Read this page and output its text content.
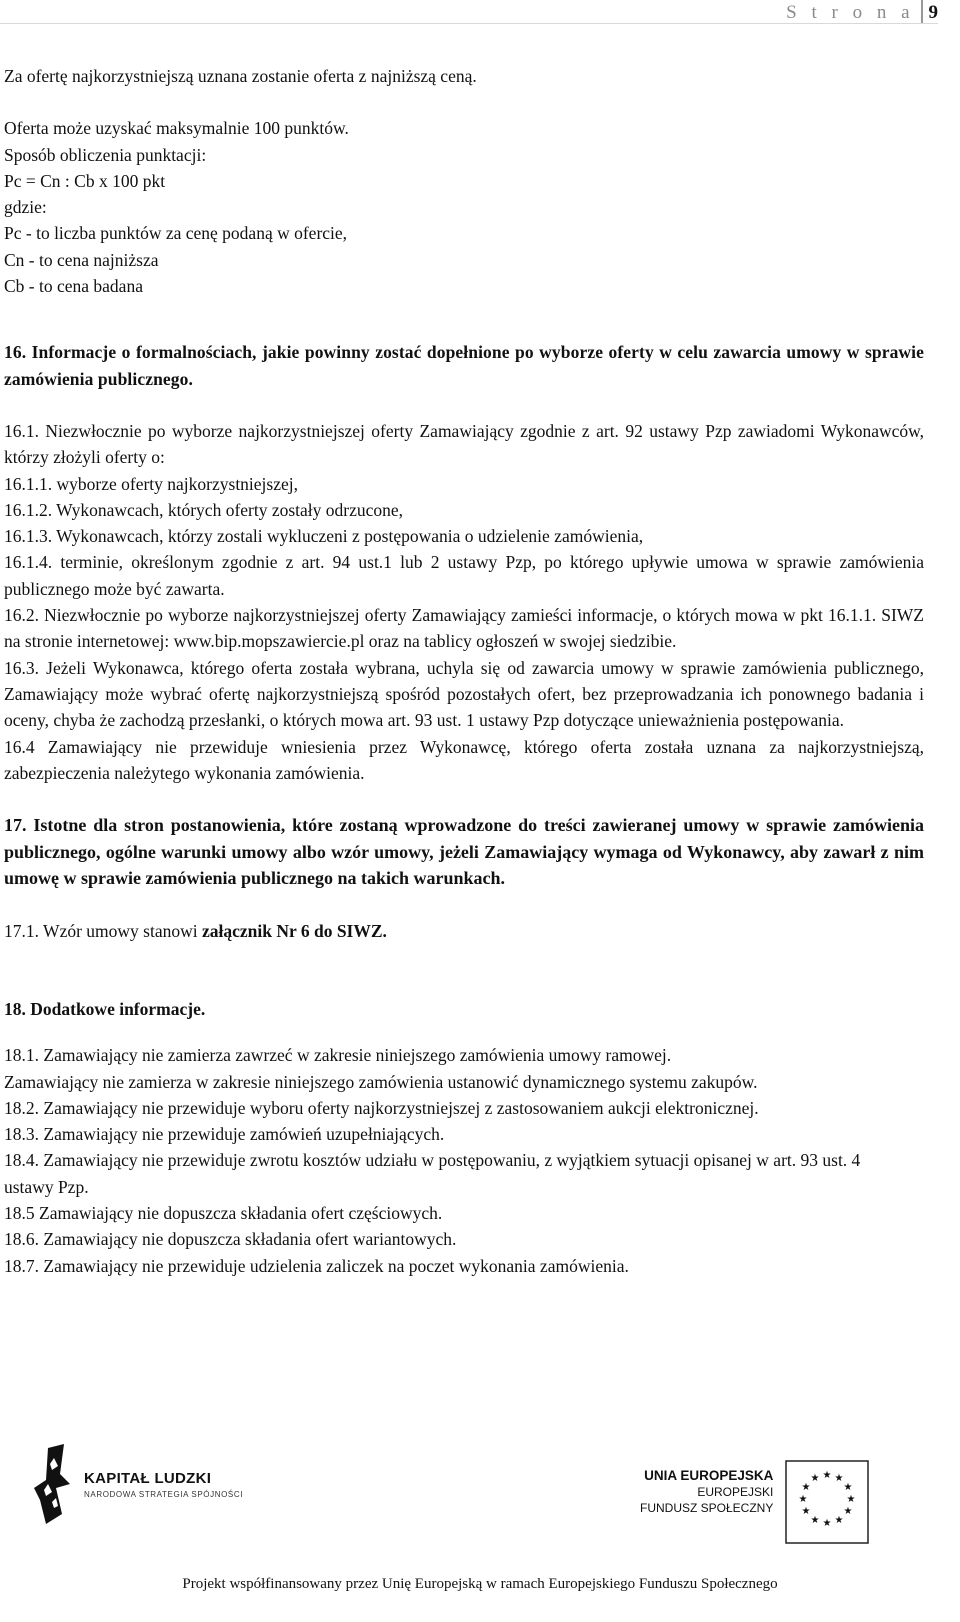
S t r o n a 9

Za ofertę najkorzystniejszą uznana zostanie oferta z najniższą ceną.

Oferta może uzyskać maksymalnie 100 punktów.

Sposób obliczenia punktacji:

Pc = Cn : Cb x 100 pkt

gdzie:

Pc - to liczba punktów za cenę podaną w ofercie,

Cn - to cena najniższa

Cb - to cena badana

16. Informacje o formalnościach, jakie powinny zostać dopełnione po wyborze oferty w celu zawarcia umowy w sprawie zamówienia publicznego.

16.1. Niezwłocznie po wyborze najkorzystniejszej oferty Zamawiający zgodnie z art. 92 ustawy Pzp zawiadomi Wykonawców, którzy złożyli oferty o:

16.1.1. wyborze oferty najkorzystniejszej,

16.1.2. Wykonawcach, których oferty zostały odrzucone,

16.1.3. Wykonawcach, którzy zostali wykluczeni z postępowania o udzielenie zamówienia,

16.1.4. terminie, określonym zgodnie z art. 94 ust.1 lub 2 ustawy Pzp, po którego upływie umowa w sprawie zamówienia publicznego może być zawarta.

16.2. Niezwłocznie po wyborze najkorzystniejszej oferty Zamawiający zamieści informacje, o których mowa w pkt 16.1.1. SIWZ na stronie internetowej: www.bip.mopszawiercie.pl oraz na tablicy ogłoszeń w swojej siedzibie.

16.3. Jeżeli Wykonawca, którego oferta została wybrana, uchyla się od zawarcia umowy w sprawie zamówienia publicznego, Zamawiający może wybrać ofertę najkorzystniejszą spośród pozostałych ofert, bez przeprowadzania ich ponownego badania i oceny, chyba że zachodzą przesłanki, o których mowa art. 93 ust. 1 ustawy Pzp dotyczące unieważnienia postępowania.

16.4 Zamawiający nie przewiduje wniesienia przez Wykonawcę, którego oferta została uznana za najkorzystniejszą, zabezpieczenia należytego wykonania zamówienia.

17. Istotne dla stron postanowienia, które zostaną wprowadzone do treści zawieranej umowy w sprawie zamówienia publicznego, ogólne warunki umowy albo wzór umowy, jeżeli Zamawiający wymaga od Wykonawcy, aby zawarł z nim umowę w sprawie zamówienia publicznego na takich warunkach.

17.1. Wzór umowy stanowi załącznik Nr 6 do SIWZ.

18. Dodatkowe informacje.

18.1. Zamawiający nie zamierza zawrzeć w zakresie niniejszego zamówienia umowy ramowej.

Zamawiający nie zamierza w zakresie niniejszego zamówienia ustanowić dynamicznego systemu zakupów.

18.2. Zamawiający nie przewiduje wyboru oferty najkorzystniejszej z zastosowaniem aukcji elektronicznej.

18.3. Zamawiający nie przewiduje zamówień uzupełniających.

18.4. Zamawiający nie przewiduje zwrotu kosztów udziału w postępowaniu, z wyjątkiem sytuacji opisanej w art. 93 ust. 4 ustawy Pzp.

18.5 Zamawiający nie dopuszcza składania ofert częściowych.

18.6. Zamawiający nie dopuszcza składania ofert wariantowych.

18.7. Zamawiający nie przewiduje udzielenia zaliczek na poczet wykonania zamówienia.

KAPITAŁ LUDZKI
NARODOWA STRATEGIA SPÓJNOŚCI
UNIA EUROPEJSKA
EUROPEJSKI
FUNDUSZ SPOŁECZNY
★ ★
★
★
★
★
★
★
★
★
★
★
Projekt współfinansowany przez Unię Europejską w ramach Europejskiego Funduszu Społecznego
